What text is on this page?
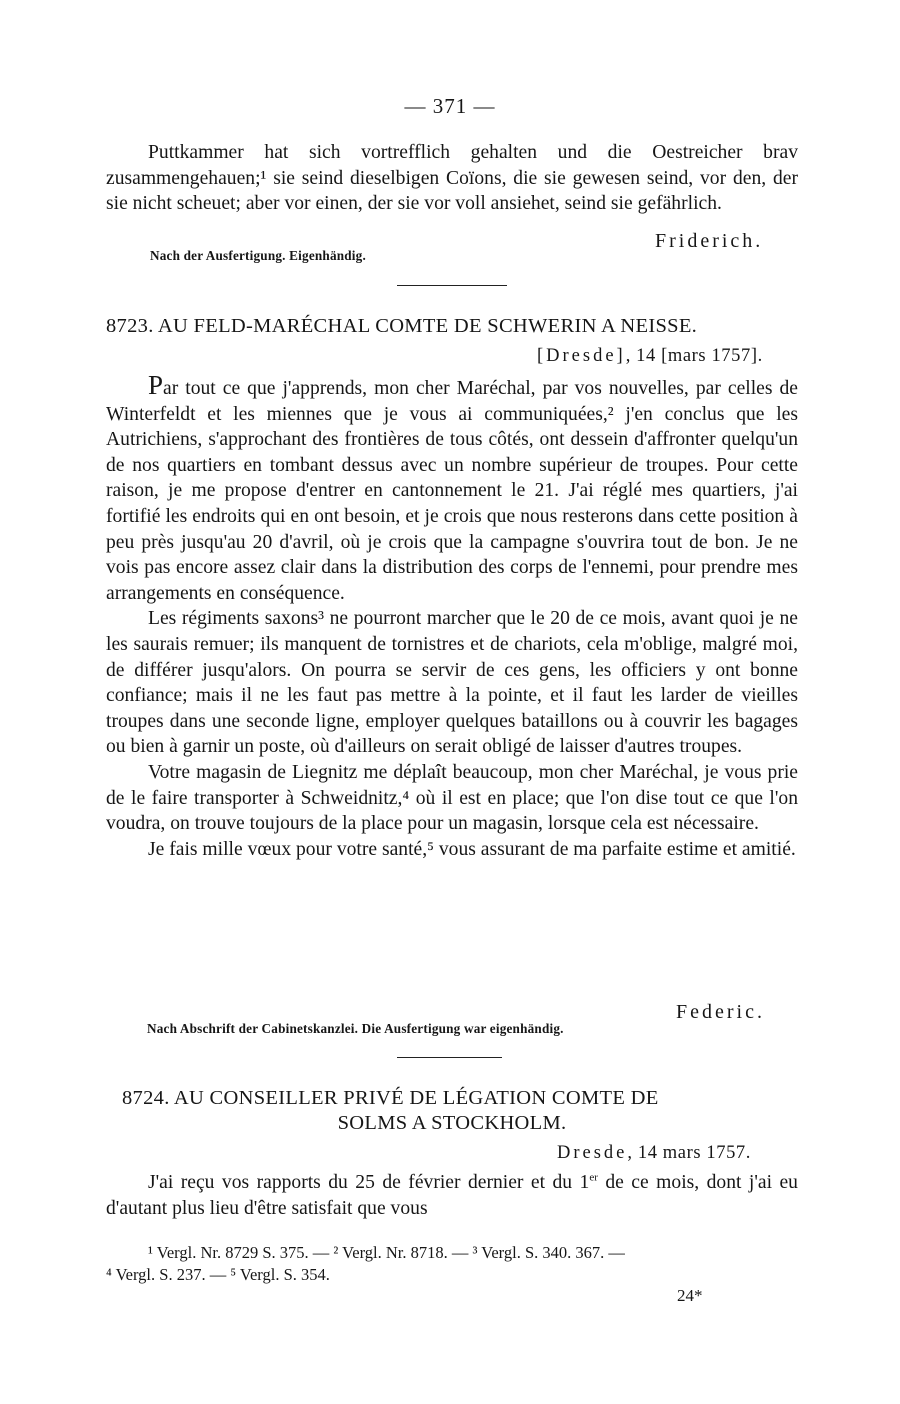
— 371 —

Puttkammer hat sich vortrefflich gehalten und die Oestreicher brav zusammengehauen;¹ sie seind dieselbigen Coïons, die sie gewesen seind, vor den, der sie nicht scheuet; aber vor einen, der sie vor voll ansiehet, seind sie gefährlich.

Friderich.
Nach der Ausfertigung. Eigenhändig.
8723. AU FELD-MARÉCHAL COMTE DE SCHWERIN A NEISSE.
[Dresde], 14 [mars 1757].

Par tout ce que j'apprends, mon cher Maréchal, par vos nouvelles, par celles de Winterfeldt et les miennes que je vous ai communiquées,² j'en conclus que les Autrichiens, s'approchant des frontières de tous côtés, ont dessein d'affronter quelqu'un de nos quartiers en tombant dessus avec un nombre supérieur de troupes. Pour cette raison, je me propose d'entrer en cantonnement le 21. J'ai réglé mes quartiers, j'ai fortifié les endroits qui en ont besoin, et je crois que nous resterons dans cette position à peu près jusqu'au 20 d'avril, où je crois que la campagne s'ouvrira tout de bon. Je ne vois pas encore assez clair dans la distribution des corps de l'ennemi, pour prendre mes arrangements en conséquence.

Les régiments saxons³ ne pourront marcher que le 20 de ce mois, avant quoi je ne les saurais remuer; ils manquent de tornistres et de chariots, cela m'oblige, malgré moi, de différer jusqu'alors. On pourra se servir de ces gens, les officiers y ont bonne confiance; mais il ne les faut pas mettre à la pointe, et il faut les larder de vieilles troupes dans une seconde ligne, employer quelques bataillons ou à couvrir les bagages ou bien à garnir un poste, où d'ailleurs on serait obligé de laisser d'autres troupes.

Votre magasin de Liegnitz me déplaît beaucoup, mon cher Maréchal, je vous prie de le faire transporter à Schweidnitz,⁴ où il est en place; que l'on dise tout ce que l'on voudra, on trouve toujours de la place pour un magasin, lorsque cela est nécessaire.

Je fais mille vœux pour votre santé,⁵ vous assurant de ma parfaite estime et amitié.

Federic.
Nach Abschrift der Cabinetskanzlei. Die Ausfertigung war eigenhändig.
8724. AU CONSEILLER PRIVÉ DE LÉGATION COMTE DE
SOLMS A STOCKHOLM.
Dresde, 14 mars 1757.

J'ai reçu vos rapports du 25 de février dernier et du 1er de ce mois, dont j'ai eu d'autant plus lieu d'être satisfait que vous

¹ Vergl. Nr. 8729 S. 375. — ² Vergl. Nr. 8718. — ³ Vergl. S. 340. 367. —

⁴ Vergl. S. 237. — ⁵ Vergl. S. 354.

24*
